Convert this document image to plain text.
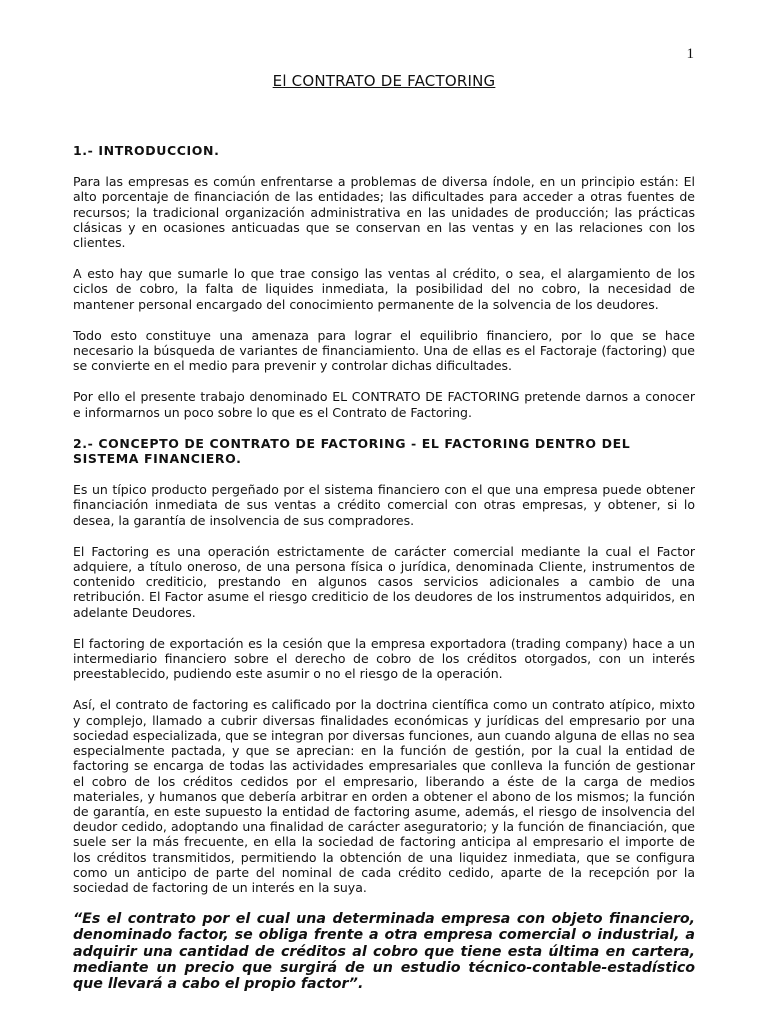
1
El CONTRATO DE FACTORING
1.- INTRODUCCION.

Para las empresas es común enfrentarse a problemas de diversa índole, en un principio están: El alto porcentaje de financiación de las entidades; las dificultades para acceder a otras fuentes de recursos; la tradicional organización administrativa en las unidades de producción; las prácticas clásicas y en ocasiones anticuadas que se conservan en las ventas y en las relaciones con los clientes.

A esto hay que sumarle lo que trae consigo las ventas al crédito, o sea, el alargamiento de los ciclos de cobro, la falta de liquides inmediata, la posibilidad del no cobro, la necesidad de mantener personal encargado del conocimiento permanente de la solvencia de los deudores.

Todo esto constituye una amenaza para lograr el equilibrio financiero, por lo que se hace necesario la búsqueda de variantes de financiamiento. Una de ellas es el Factoraje (factoring) que se convierte en el medio para prevenir y controlar dichas dificultades.

Por ello el presente trabajo denominado EL CONTRATO DE FACTORING pretende darnos a conocer e informarnos un poco sobre lo que es el Contrato de Factoring.

2.- CONCEPTO DE CONTRATO DE FACTORING - EL FACTORING DENTRO DEL SISTEMA FINANCIERO.

Es un típico producto pergeñado por el sistema financiero con el que una empresa puede obtener financiación inmediata de sus ventas a crédito comercial con otras empresas, y obtener, si lo desea, la garantía de insolvencia de sus compradores.

El Factoring es una operación estrictamente de carácter comercial mediante la cual el Factor adquiere, a título oneroso, de una persona física o jurídica, denominada Cliente, instrumentos de contenido crediticio, prestando en algunos casos servicios adicionales a cambio de una retribución. El Factor asume el riesgo crediticio de los deudores de los instrumentos adquiridos, en adelante Deudores.

El factoring de exportación es la cesión que la empresa exportadora (trading company) hace a un intermediario financiero sobre el derecho de cobro de los créditos otorgados, con un interés preestablecido, pudiendo este asumir o no el riesgo de la operación.

Así, el contrato de factoring es calificado por la doctrina científica como un contrato atípico, mixto y complejo, llamado a cubrir diversas finalidades económicas y jurídicas del empresario por una sociedad especializada, que se integran por diversas funciones, aun cuando alguna de ellas no sea especialmente pactada, y que se aprecian: en la función de gestión, por la cual la entidad de factoring se encarga de todas las actividades empresariales que conlleva la función de gestionar el cobro de los créditos cedidos por el empresario, liberando a éste de la carga de medios materiales, y humanos que debería arbitrar en orden a obtener el abono de los mismos; la función de garantía, en este supuesto la entidad de factoring asume, además, el riesgo de insolvencia del deudor cedido, adoptando una finalidad de carácter aseguratorio; y la función de financiación, que suele ser la más frecuente, en ella la sociedad de factoring anticipa al empresario el importe de los créditos transmitidos, permitiendo la obtención de una liquidez inmediata, que se configura como un anticipo de parte del nominal de cada crédito cedido, aparte de la recepción por la sociedad de factoring de un interés en la suya.

“Es el contrato por el cual una determinada empresa con objeto financiero, denominado factor, se obliga frente a otra empresa comercial o industrial, a adquirir una cantidad de créditos al cobro que tiene esta última en cartera, mediante un precio que surgirá de un estudio técnico-contable-estadístico que llevará a cabo el propio factor”.
